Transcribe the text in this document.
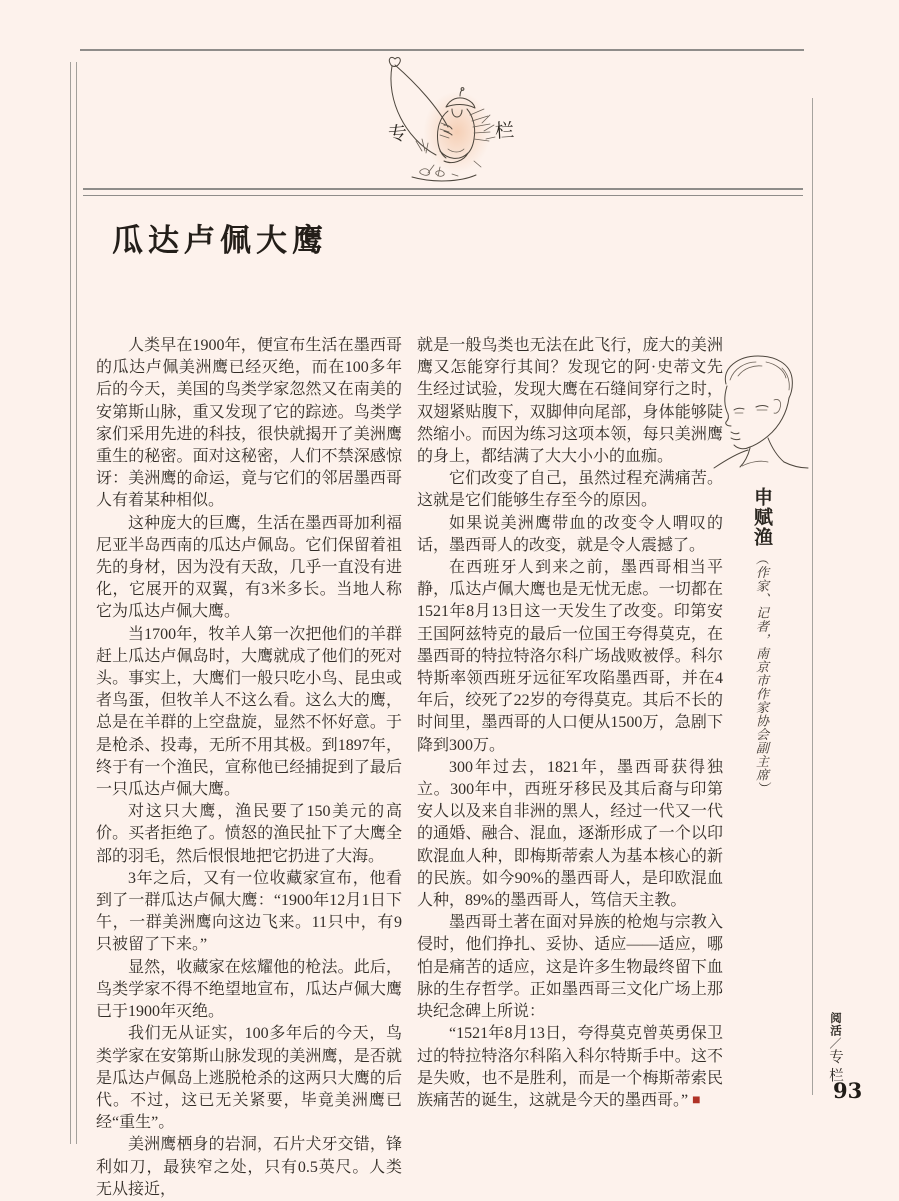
专	栏
瓜达卢佩大鹰

人类早在1900年，便宣布生活在墨西哥的瓜达卢佩美洲鹰已经灭绝，而在100多年后的今天，美国的鸟类学家忽然又在南美的安第斯山脉，重又发现了它的踪迹。鸟类学家们采用先进的科技，很快就揭开了美洲鹰重生的秘密。面对这秘密，人们不禁深感惊讶：美洲鹰的命运，竟与它们的邻居墨西哥人有着某种相似。

这种庞大的巨鹰，生活在墨西哥加利福尼亚半岛西南的瓜达卢佩岛。它们保留着祖先的身材，因为没有天敌，几乎一直没有进化，它展开的双翼，有3米多长。当地人称它为瓜达卢佩大鹰。

当1700年，牧羊人第一次把他们的羊群赶上瓜达卢佩岛时，大鹰就成了他们的死对头。事实上，大鹰们一般只吃小鸟、昆虫或者鸟蛋，但牧羊人不这么看。这么大的鹰，总是在羊群的上空盘旋，显然不怀好意。于是枪杀、投毒，无所不用其极。到1897年，终于有一个渔民，宣称他已经捕捉到了最后一只瓜达卢佩大鹰。

对这只大鹰，渔民要了150美元的高价。买者拒绝了。愤怒的渔民扯下了大鹰全部的羽毛，然后恨恨地把它扔进了大海。

3年之后，又有一位收藏家宣布，他看到了一群瓜达卢佩大鹰：“1900年12月1日下午，一群美洲鹰向这边飞来。11只中，有9只被留了下来。”

显然，收藏家在炫耀他的枪法。此后，鸟类学家不得不绝望地宣布，瓜达卢佩大鹰已于1900年灭绝。

我们无从证实，100多年后的今天，鸟类学家在安第斯山脉发现的美洲鹰，是否就是瓜达卢佩岛上逃脱枪杀的这两只大鹰的后代。不过，这已无关紧要，毕竟美洲鹰已经“重生”。

美洲鹰栖身的岩洞，石片犬牙交错，锋利如刀，最狭窄之处，只有0.5英尺。人类无从接近，

就是一般鸟类也无法在此飞行，庞大的美洲鹰又怎能穿行其间？发现它的阿·史蒂文先生经过试验，发现大鹰在石缝间穿行之时，双翅紧贴腹下，双脚伸向尾部，身体能够陡然缩小。而因为练习这项本领，每只美洲鹰的身上，都结满了大大小小的血痂。

它们改变了自己，虽然过程充满痛苦。这就是它们能够生存至今的原因。

如果说美洲鹰带血的改变令人喟叹的话，墨西哥人的改变，就是令人震撼了。

在西班牙人到来之前，墨西哥相当平静，瓜达卢佩大鹰也是无忧无虑。一切都在1521年8月13日这一天发生了改变。印第安王国阿兹特克的最后一位国王夸得莫克，在墨西哥的特拉特洛尔科广场战败被俘。科尔特斯率领西班牙远征军攻陷墨西哥，并在4年后，绞死了22岁的夸得莫克。其后不长的时间里，墨西哥的人口便从1500万，急剧下降到300万。

300年过去，1821年，墨西哥获得独立。300年中，西班牙移民及其后裔与印第安人以及来自非洲的黑人，经过一代又一代的通婚、融合、混血，逐渐形成了一个以印欧混血人种，即梅斯蒂索人为基本核心的新的民族。如今90%的墨西哥人，是印欧混血人种，89%的墨西哥人，笃信天主教。

墨西哥土著在面对异族的枪炮与宗教入侵时，他们挣扎、妥协、适应——适应，哪怕是痛苦的适应，这是许多生物最终留下血脉的生存哲学。正如墨西哥三文化广场上那块纪念碑上所说：

“1521年8月13日，夸得莫克曾英勇保卫过的特拉特洛尔科陷入科尔特斯手中。这不是失败，也不是胜利，而是一个梅斯蒂索民族痛苦的诞生，这就是今天的墨西哥。” ■

申赋渔
（作家、记者，南京市作家协会副主席）
阅活／专栏
93
